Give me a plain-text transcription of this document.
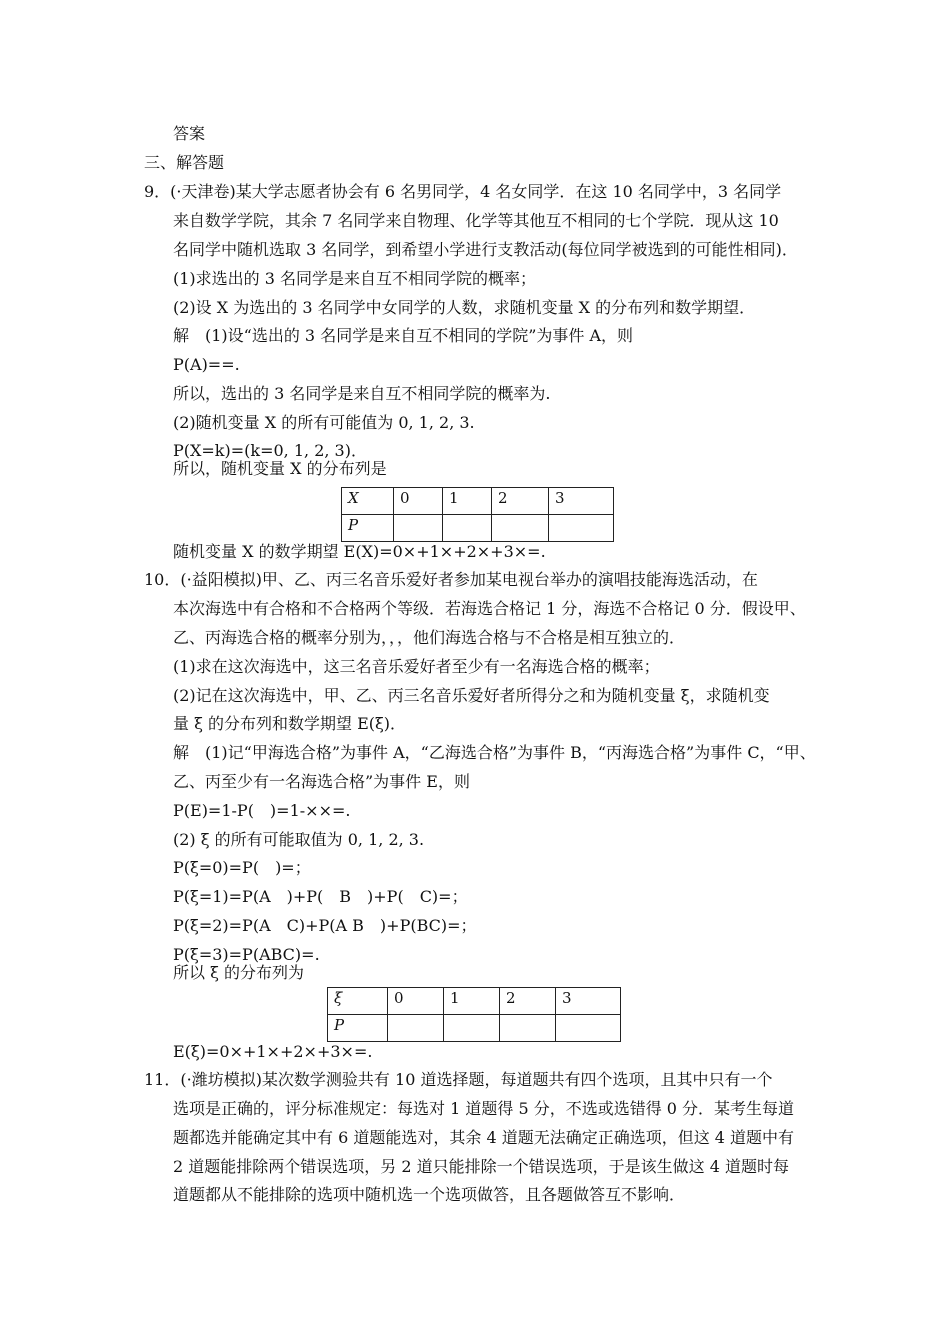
答案
三、解答题
9．(·天津卷)某大学志愿者协会有 6 名男同学，4 名女同学．在这 10 名同学中，3 名同学
来自数学学院，其余 7 名同学来自物理、化学等其他互不相同的七个学院．现从这 10
名同学中随机选取 3 名同学，到希望小学进行支教活动(每位同学被选到的可能性相同)．
(1)求选出的 3 名同学是来自互不相同学院的概率；
(2)设 X 为选出的 3 名同学中女同学的人数，求随机变量 X 的分布列和数学期望．
解　(1)设“选出的 3 名同学是来自互不相同的学院”为事件 A，则
P(A)==.
所以，选出的 3 名同学是来自互不相同学院的概率为.
(2)随机变量 X 的所有可能值为 0, 1, 2, 3.
P(X=k)=(k=0, 1, 2, 3)．
所以，随机变量 X 的分布列是
X	0	1	2	3
P				
随机变量 X 的数学期望 E(X)=0×+1×+2×+3×=.
10．(·益阳模拟)甲、乙、丙三名音乐爱好者参加某电视台举办的演唱技能海选活动，在
本次海选中有合格和不合格两个等级．若海选合格记 1 分，海选不合格记 0 分．假设甲、
乙、丙海选合格的概率分别为，，，他们海选合格与不合格是相互独立的．
(1)求在这次海选中，这三名音乐爱好者至少有一名海选合格的概率；
(2)记在这次海选中，甲、乙、丙三名音乐爱好者所得分之和为随机变量 ξ，求随机变
量 ξ 的分布列和数学期望 E(ξ)．
解　(1)记“甲海选合格”为事件 A，“乙海选合格”为事件 B，“丙海选合格”为事件 C，“甲、
乙、丙至少有一名海选合格”为事件 E，则
P(E)=1-P(　)=1-××=.
(2) ξ 的所有可能取值为 0, 1, 2, 3.
P(ξ=0)=P(　)=；
P(ξ=1)=P(A　)+P(　B　)+P(　C)=；
P(ξ=2)=P(A　C)+P(A B　)+P(BC)=；
P(ξ=3)=P(ABC)=.
所以 ξ 的分布列为
ξ	0	1	2	3
P				
E(ξ)=0×+1×+2×+3×=.
11．(·潍坊模拟)某次数学测验共有 10 道选择题，每道题共有四个选项，且其中只有一个
选项是正确的，评分标准规定：每选对 1 道题得 5 分，不选或选错得 0 分．某考生每道
题都选并能确定其中有 6 道题能选对，其余 4 道题无法确定正确选项，但这 4 道题中有
2 道题能排除两个错误选项，另 2 道只能排除一个错误选项，于是该生做这 4 道题时每
道题都从不能排除的选项中随机选一个选项做答，且各题做答互不影响．
